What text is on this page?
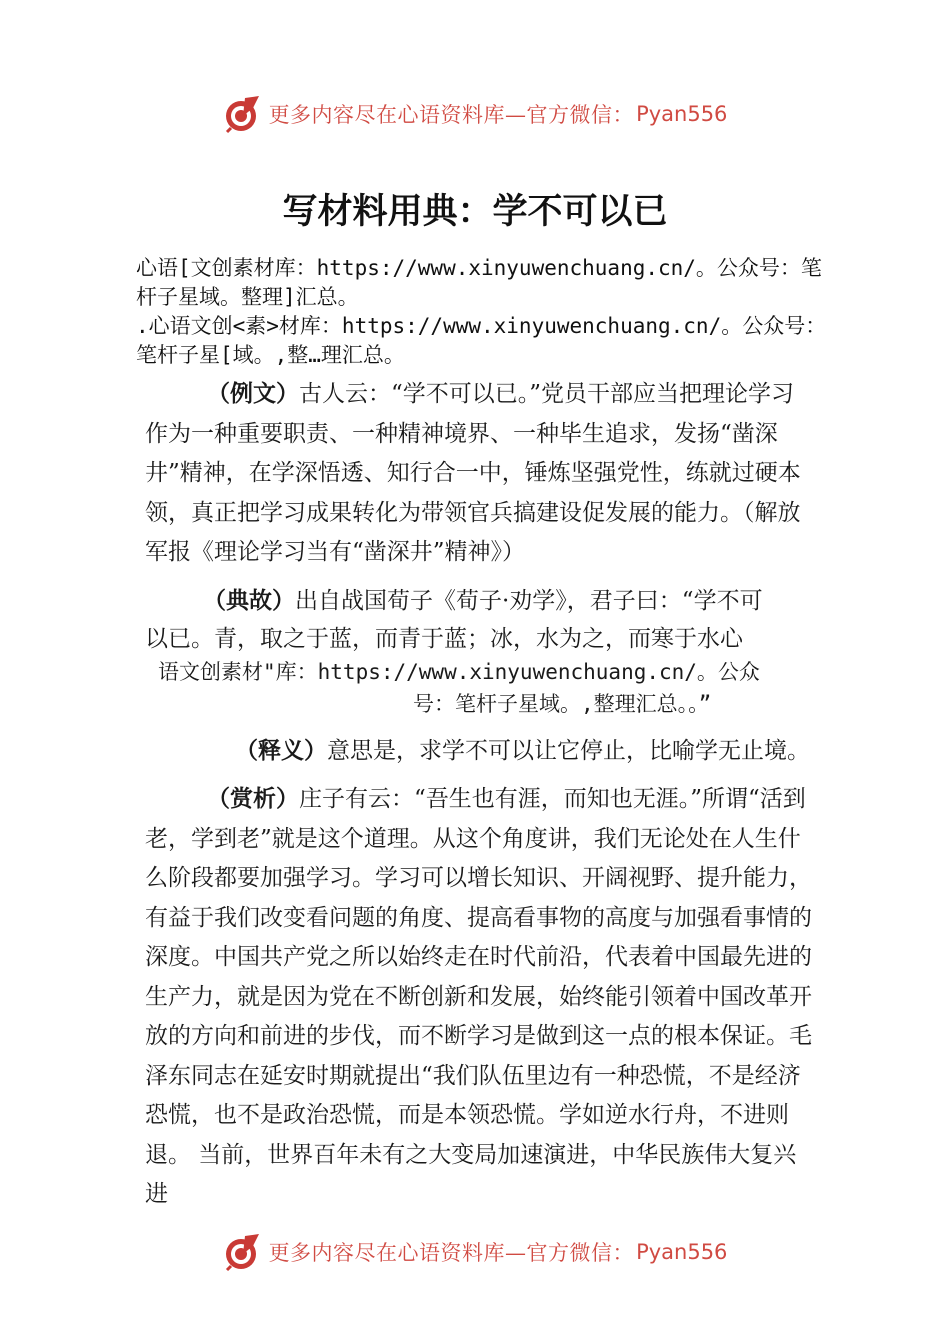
更多内容尽在心语资料库—官方微信： Pyan556
写材料用典：学不可以已
心语[文创素材库：https://www.xinyuwenchuang.cn/。公众号：笔杆子星域。整理]汇总。
.心语文创<素>材库：https://www.xinyuwenchuang.cn/。公众号：笔杆子星[域。,整…理汇总。
（例文）古人云：“学不可以已。”党员干部应当把理论学习作为一种重要职责、一种精神境界、一种毕生追求，发扬“凿深井”精神，在学深悟透、知行合一中，锤炼坚强党性，练就过硬本领，真正把学习成果转化为带领官兵搞建设促发展的能力。（解放军报《理论学习当有“凿深井”精神》）
（典故）出自战国荀子《荀子·劝学》，君子曰：“学不可
以已。青，取之于蓝，而青于蓝；冰，水为之，而寒于水心
语文创素材"库：https://www.xinyuwenchuang.cn/。公众
号：笔杆子星域。,整理汇总。。”
（释义）意思是，求学不可以让它停止，比喻学无止境。
（赏析）庄子有云：“吾生也有涯，而知也无涯。”所谓“活到老，学到老”就是这个道理。从这个角度讲，我们无论处在人生什么阶段都要加强学习。学习可以增长知识、开阔视野、提升能力，有益于我们改变看问题的角度、提高看事物的高度与加强看事情的深度。中国共产党之所以始终走在时代前沿，代表着中国最先进的生产力，就是因为党在不断创新和发展，始终能引领着中国改革开放的方向和前进的步伐，而不断学习是做到这一点的根本保证。毛泽东同志在延安时期就提出“我们队伍里边有一种恐慌，不是经济恐慌，也不是政治恐慌，而是本领恐慌。学如逆水行舟，不进则退。 当前，世界百年未有之大变局加速演进，中华民族伟大复兴进
更多内容尽在心语资料库—官方微信： Pyan556
